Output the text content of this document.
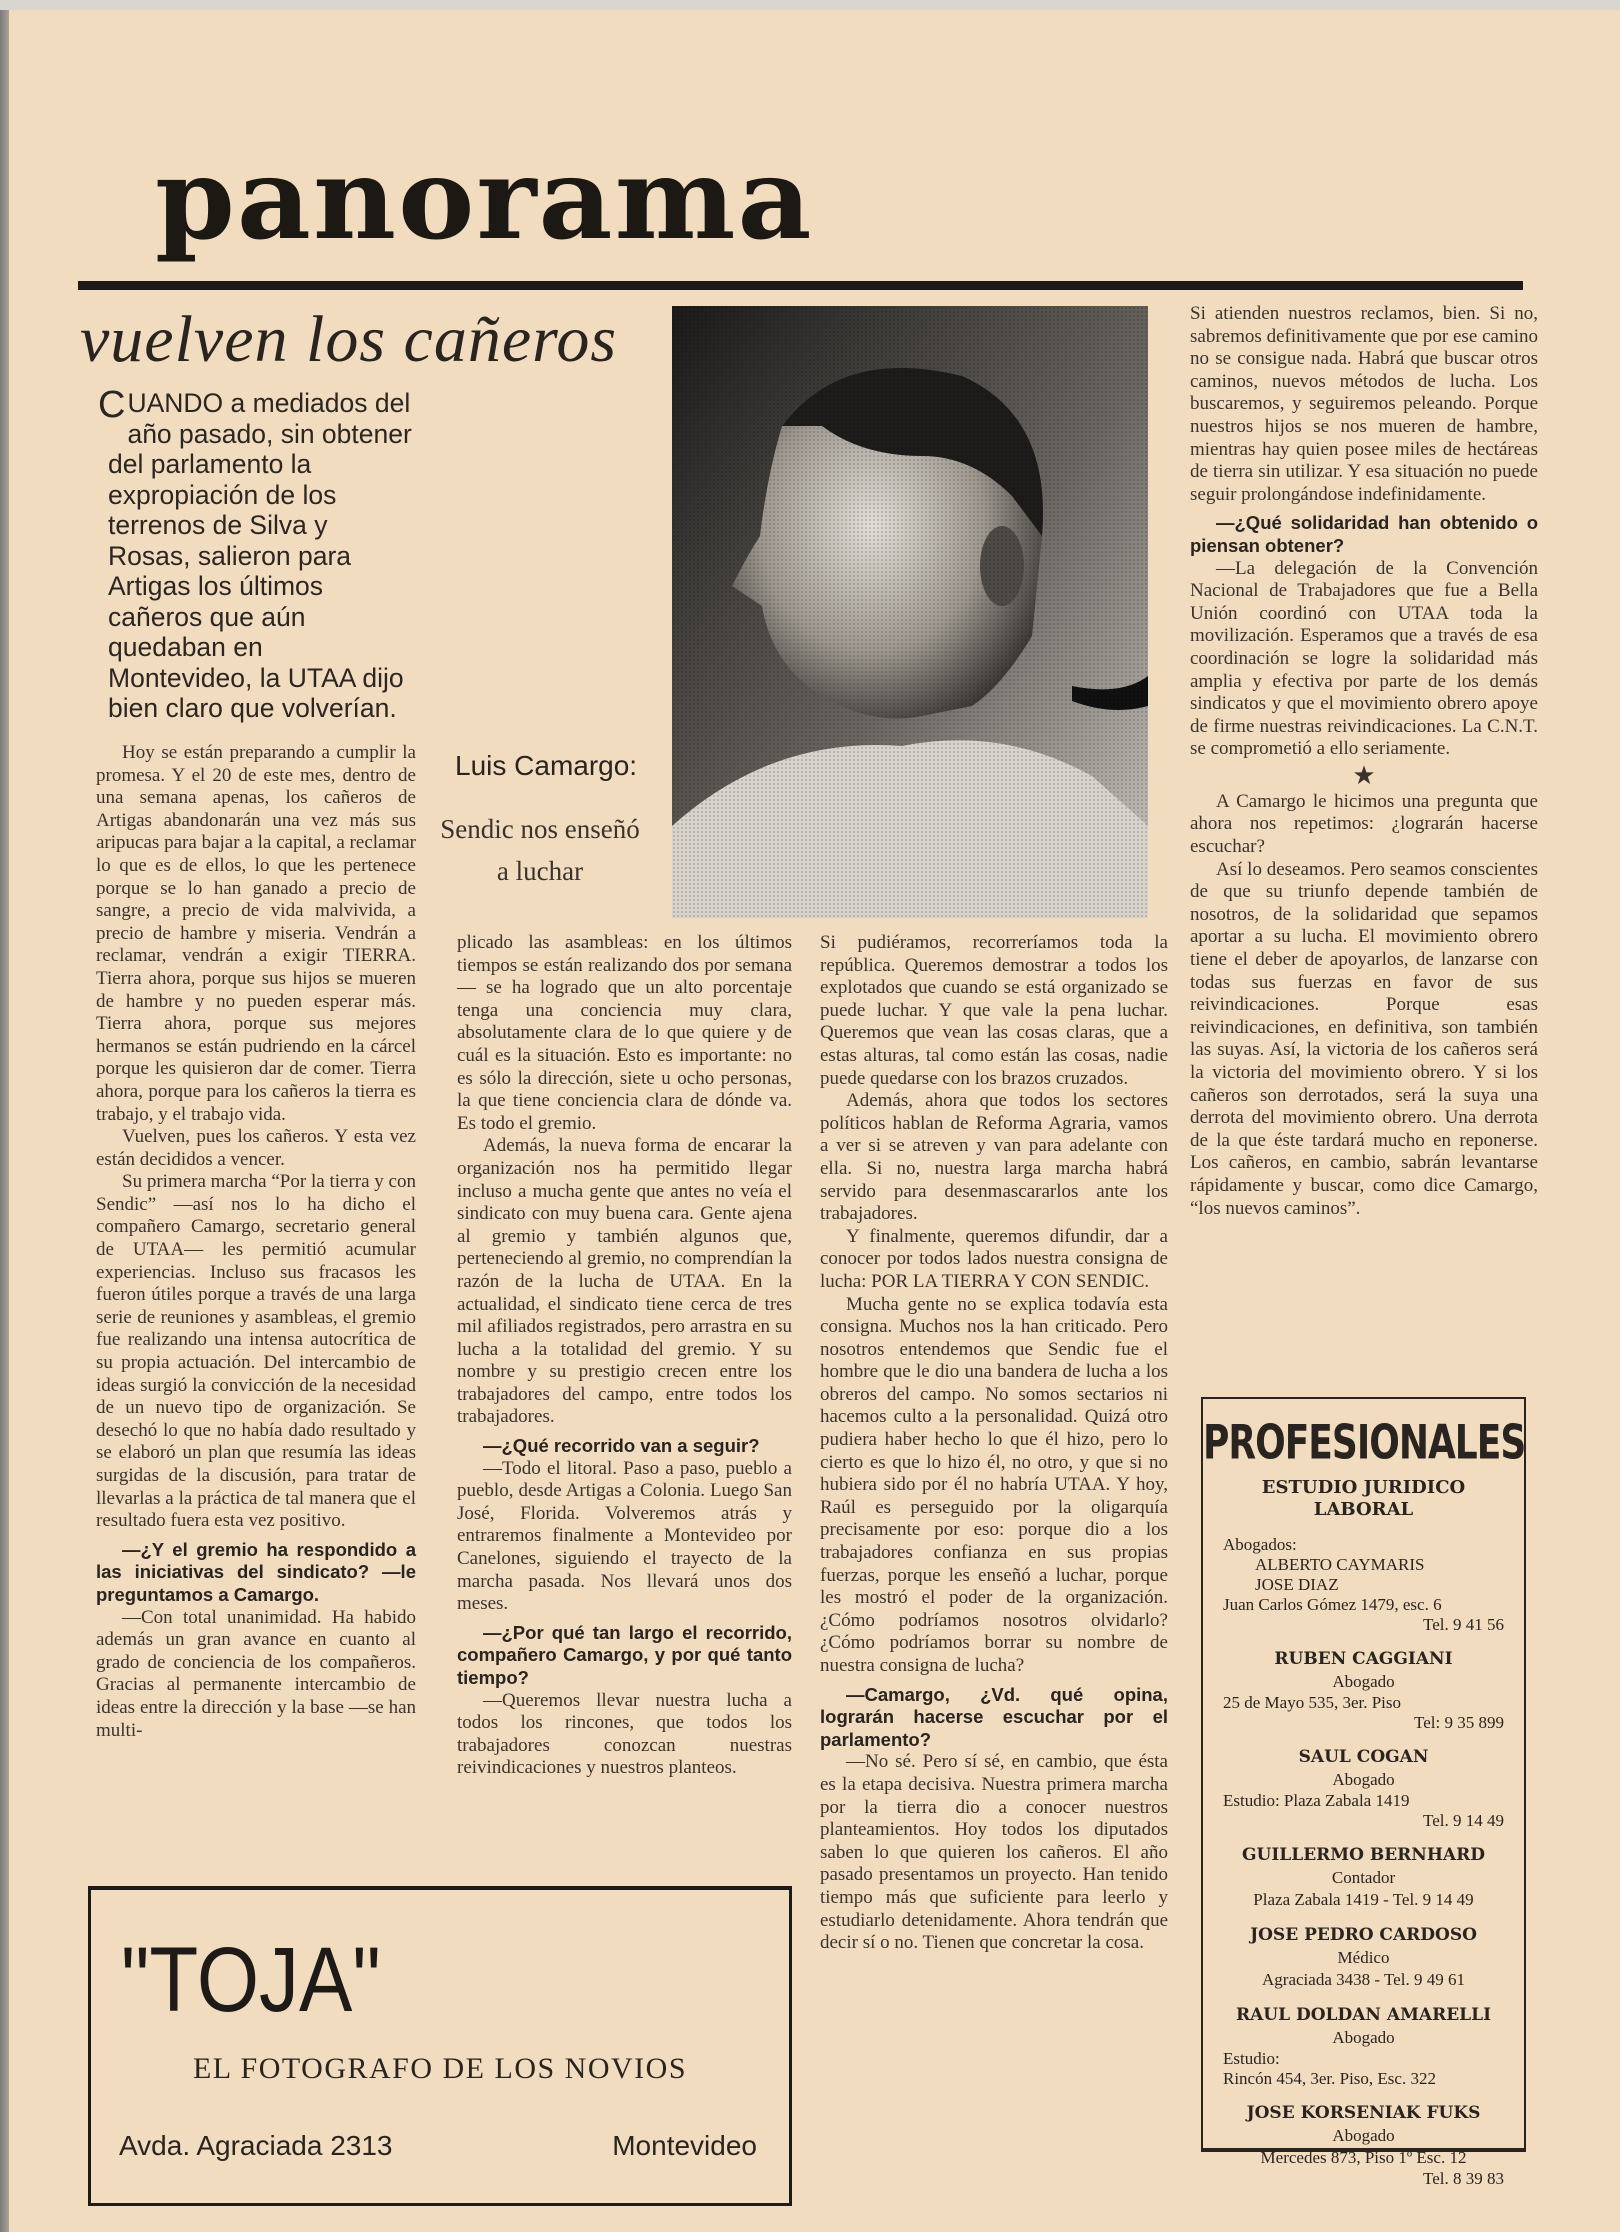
panorama
vuelven los cañeros
C UANDO a mediados del año pasado, sin obtener del parlamento la expropiación de los terrenos de Silva y Rosas, salieron para Artigas los últimos cañeros que aún quedaban en Montevideo, la UTAA dijo bien claro que volverían.
Luis Camargo:
Sendic nos enseñó a luchar

Hoy se están preparando a cumplir la promesa. Y el 20 de este mes, dentro de una semana apenas, los cañeros de Artigas abandonarán una vez más sus aripucas para bajar a la capital, a reclamar lo que es de ellos, lo que les pertenece porque se lo han ganado a precio de sangre, a precio de vida malvivida, a precio de hambre y miseria. Vendrán a reclamar, vendrán a exigir TIERRA. Tierra ahora, porque sus hijos se mueren de hambre y no pueden esperar más. Tierra ahora, porque sus mejores hermanos se están pudriendo en la cárcel porque les quisieron dar de comer. Tierra ahora, porque para los cañeros la tierra es trabajo, y el trabajo vida.

Vuelven, pues los cañeros. Y esta vez están decididos a vencer.

Su primera marcha “Por la tierra y con Sendic” —así nos lo ha dicho el compañero Camargo, secretario general de UTAA— les permitió acumular experiencias. Incluso sus fracasos les fueron útiles porque a través de una larga serie de reuniones y asambleas, el gremio fue realizando una intensa autocrítica de su propia actuación. Del intercambio de ideas surgió la convicción de la necesidad de un nuevo tipo de organización. Se desechó lo que no había dado resultado y se elaboró un plan que resumía las ideas surgidas de la discusión, para tratar de llevarlas a la práctica de tal manera que el resultado fuera esta vez positivo.

—¿Y el gremio ha respondido a las iniciativas del sindicato? —le preguntamos a Camargo.

—Con total unanimidad. Ha habido además un gran avance en cuanto al grado de conciencia de los compañeros. Gracias al permanente intercambio de ideas entre la dirección y la base —se han multi-

plicado las asambleas: en los últimos tiempos se están realizando dos por semana— se ha logrado que un alto porcentaje tenga una conciencia muy clara, absolutamente clara de lo que quiere y de cuál es la situación. Esto es importante: no es sólo la dirección, siete u ocho personas, la que tiene conciencia clara de dónde va. Es todo el gremio.

Además, la nueva forma de encarar la organización nos ha permitido llegar incluso a mucha gente que antes no veía el sindicato con muy buena cara. Gente ajena al gremio y también algunos que, perteneciendo al gremio, no comprendían la razón de la lucha de UTAA. En la actualidad, el sindicato tiene cerca de tres mil afiliados registrados, pero arrastra en su lucha a la totalidad del gremio. Y su nombre y su prestigio crecen entre los trabajadores del campo, entre todos los trabajadores.

—¿Qué recorrido van a seguir?

—Todo el litoral. Paso a paso, pueblo a pueblo, desde Artigas a Colonia. Luego San José, Florida. Volveremos atrás y entraremos finalmente a Montevideo por Canelones, siguiendo el trayecto de la marcha pasada. Nos llevará unos dos meses.

—¿Por qué tan largo el recorrido, compañero Camargo, y por qué tanto tiempo?

—Queremos llevar nuestra lucha a todos los rincones, que todos los trabajadores conozcan nuestras reivindicaciones y nuestros planteos.

Si pudiéramos, recorreríamos toda la república. Queremos demostrar a todos los explotados que cuando se está organizado se puede luchar. Y que vale la pena luchar. Queremos que vean las cosas claras, que a estas alturas, tal como están las cosas, nadie puede quedarse con los brazos cruzados.

Además, ahora que todos los sectores políticos hablan de Reforma Agraria, vamos a ver si se atreven y van para adelante con ella. Si no, nuestra larga marcha habrá servido para desenmascararlos ante los trabajadores.

Y finalmente, queremos difundir, dar a conocer por todos lados nuestra consigna de lucha: POR LA TIERRA Y CON SENDIC.

Mucha gente no se explica todavía esta consigna. Muchos nos la han criticado. Pero nosotros entendemos que Sendic fue el hombre que le dio una bandera de lucha a los obreros del campo. No somos sectarios ni hacemos culto a la personalidad. Quizá otro pudiera haber hecho lo que él hizo, pero lo cierto es que lo hizo él, no otro, y que si no hubiera sido por él no habría UTAA. Y hoy, Raúl es perseguido por la oligarquía precisamente por eso: porque dio a los trabajadores confianza en sus propias fuerzas, porque les enseñó a luchar, porque les mostró el poder de la organización. ¿Cómo podríamos nosotros olvidarlo? ¿Cómo podríamos borrar su nombre de nuestra consigna de lucha?

—Camargo, ¿Vd. qué opina, lograrán hacerse escuchar por el parlamento?

—No sé. Pero sí sé, en cambio, que ésta es la etapa decisiva. Nuestra primera marcha por la tierra dio a conocer nuestros planteamientos. Hoy todos los diputados saben lo que quieren los cañeros. El año pasado presentamos un proyecto. Han tenido tiempo más que suficiente para leerlo y estudiarlo detenidamente. Ahora tendrán que decir sí o no. Tienen que concretar la cosa.

Si atienden nuestros reclamos, bien. Si no, sabremos definitivamente que por ese camino no se consigue nada. Habrá que buscar otros caminos, nuevos métodos de lucha. Los buscaremos, y seguiremos peleando. Porque nuestros hijos se nos mueren de hambre, mientras hay quien posee miles de hectáreas de tierra sin utilizar. Y esa situación no puede seguir prolongándose indefinidamente.

—¿Qué solidaridad han obtenido o piensan obtener?

—La delegación de la Convención Nacional de Trabajadores que fue a Bella Unión coordinó con UTAA toda la movilización. Esperamos que a través de esa coordinación se logre la solidaridad más amplia y efectiva por parte de los demás sindicatos y que el movimiento obrero apoye de firme nuestras reivindicaciones. La C.N.T. se comprometió a ello seriamente.

★

A Camargo le hicimos una pregunta que ahora nos repetimos: ¿lograrán hacerse escuchar?

Así lo deseamos. Pero seamos conscientes de que su triunfo depende también de nosotros, de la solidaridad que sepamos aportar a su lucha. El movimiento obrero tiene el deber de apoyarlos, de lanzarse con todas sus fuerzas en favor de sus reivindicaciones. Porque esas reivindicaciones, en definitiva, son también las suyas. Así, la victoria de los cañeros será la victoria del movimiento obrero. Y si los cañeros son derrotados, será la suya una derrota del movimiento obrero. Una derrota de la que éste tardará mucho en reponerse. Los cañeros, en cambio, sabrán levantarse rápidamente y buscar, como dice Camargo, “los nuevos caminos”.

"TOJA"
EL FOTOGRAFO DE LOS NOVIOS
Avda. Agraciada 2313	Montevideo
PROFESIONALES
ESTUDIO JURIDICO
LABORAL
Abogados:
ALBERTO CAYMARIS
JOSE DIAZ
Juan Carlos Gómez 1479, esc. 6
Tel. 9 41 56
RUBEN CAGGIANI
Abogado
25 de Mayo 535, 3er. Piso
Tel: 9 35 899
SAUL COGAN
Abogado
Estudio: Plaza Zabala 1419
Tel. 9 14 49
GUILLERMO BERNHARD
Contador
Plaza Zabala 1419 - Tel. 9 14 49
JOSE PEDRO CARDOSO
Médico
Agraciada 3438 - Tel. 9 49 61
RAUL DOLDAN AMARELLI
Abogado
Estudio:
Rincón 454, 3er. Piso, Esc. 322
JOSE KORSENIAK FUKS
Abogado
Mercedes 873, Piso 1º Esc. 12
Tel. 8 39 83
